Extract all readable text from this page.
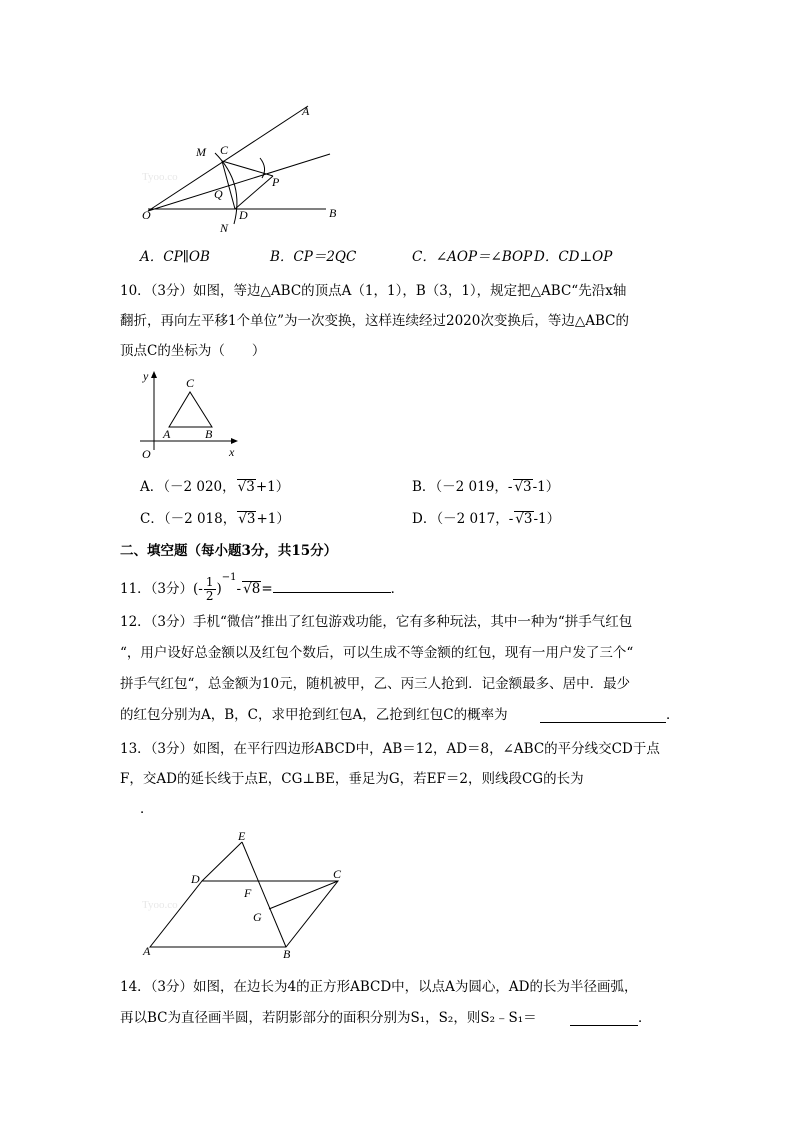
Tyoo.co
A
M C
P
Q
O	D	B
N
A．CP∥OB	B．CP＝2QC	C．∠AOP＝∠BOP D．CD⊥OP
10．（3分）如图，等边△ABC的顶点A（1，1），B（3，1），规定把△ABC“先沿x轴
翻折，再向左平移1个单位”为一次变换，这样连续经过2020次变换后，等边△ABC的
顶点C的坐标为（　　）
y	C
A	B
O	x
A．（－2 020， √3+1）	B．（－2 019，- √3-1）
C．（－2 018， √3+1）	D．（－2 017，- √3-1）
二、填空题（每小题3分，共15分）
11．（3分）(- $\frac{1}{2} )^{-1}-$ √8=	．
12．（3分）手机“微信”推出了红包游戏功能，它有多种玩法，其中一种为“拼手气红包
“，用户设好总金额以及红包个数后，可以生成不等金额的红包，现有一用户发了三个“
拼手气红包“，总金额为10元，随机被甲，乙、丙三人抢到．记金额最多、居中．最少
的红包分别为A，B，C，求甲抢到红包A，乙抢到红包C的概率为	．
13．（3分）如图，在平行四边形ABCD中，AB＝12，AD＝8，∠ABC的平分线交CD于点
F，交AD的延长线于点E，CG⊥BE，垂足为G，若EF＝2，则线段CG的长为
．
Tyoo.co
E
D	C
F
G
A	B
14．（3分）如图，在边长为4的正方形ABCD中，以点A为圆心，AD的长为半径画弧，
再以BC为直径画半圆，若阴影部分的面积分别为S₁，S₂，则S₂﹣S₁＝	．
